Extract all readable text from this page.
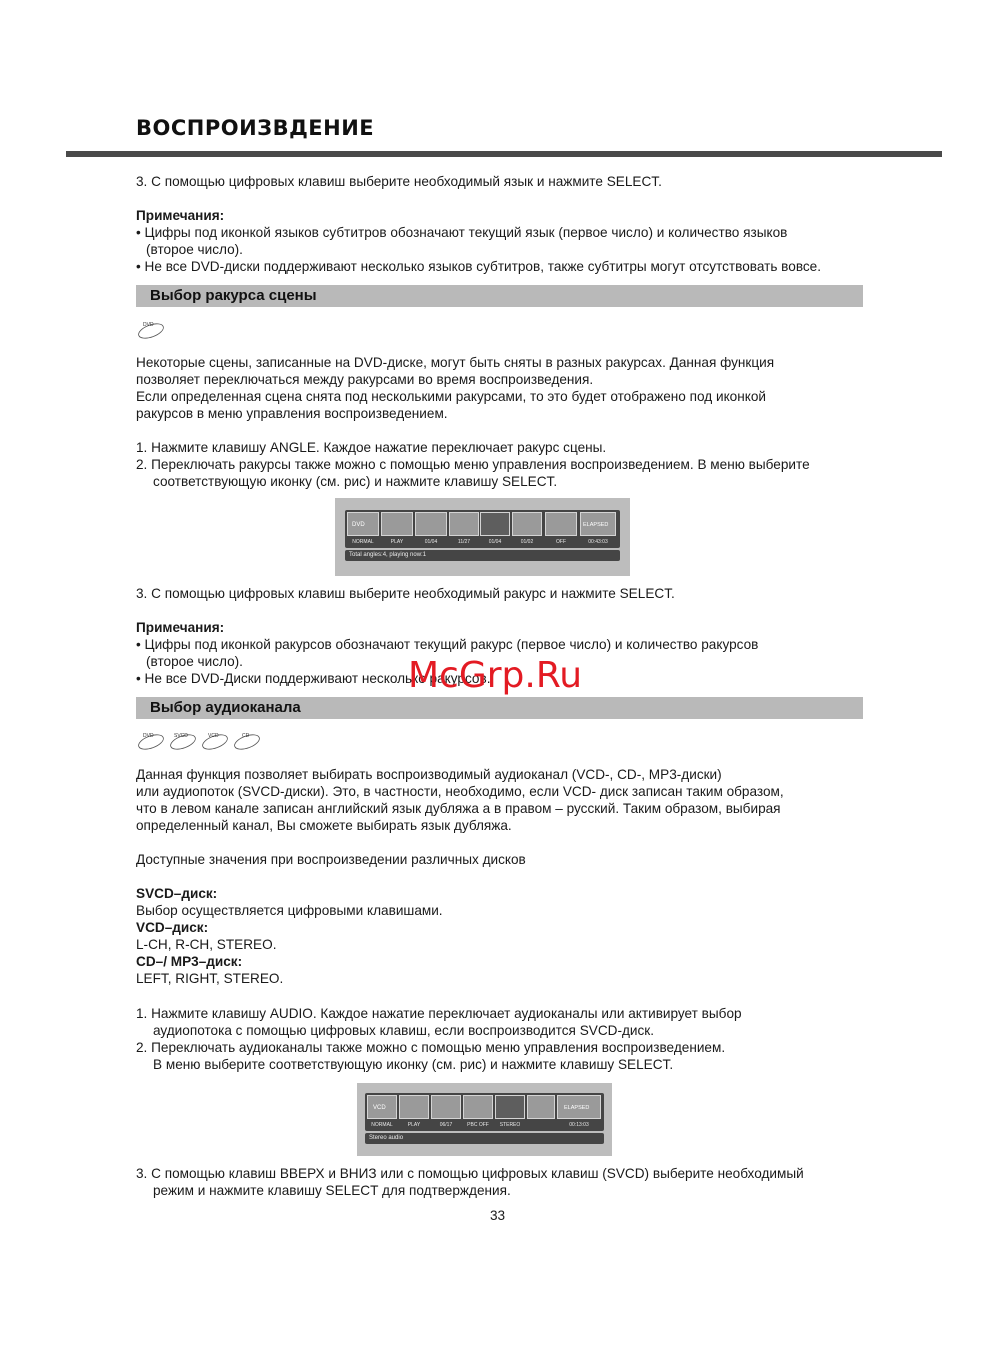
ВОСПРОИЗВДЕНИЕ
3. С помощью цифровых клавиш выберите необходимый язык и нажмите SELECT.
Примечания:
• Цифры под иконкой языков субтитров обозначают текущий язык (первое число) и количество языков
(второе число).
• Не все DVD-диски поддерживают несколько языков субтитров, также субтитры могут отсутствовать вовсе.
Выбор ракурса сцены
DVD
Некоторые сцены, записанные на DVD-диске, могут быть сняты в разных ракурсах. Данная функция
позволяет переключаться между ракурсами во время воспроизведения.
Если определенная сцена снята под несколькими ракурсами, то это будет отображено под иконкой
ракурсов в меню управления воспроизведением.
1. Нажмите клавишу ANGLE. Каждое нажатие переключает ракурс сцены.
2. Переключать ракурсы также можно с помощью меню управления воспроизведением. В меню выберите
соответствующую иконку (см. рис) и нажмите клавишу SELECT.
DVD	ELAPSED
NORMAL	PLAY	01/04	11/27	01/04	01/02	OFF	00:43:03
Total angles:4, playing now:1
3. С помощью цифровых клавиш выберите необходимый ракурс и нажмите SELECT.
Примечания:
• Цифры под иконкой ракурсов обозначают текущий ракурс (первое число) и количество ракурсов
(второе число).
• Не все DVD-Диски поддерживают несколько ракурсов.
McGrp.Ru
Выбор аудиоканала
DVD	SVCD	VCD	CD
Данная функция позволяет выбирать воспроизводимый аудиоканал (VCD-, CD-, MP3-диски)
или аудиопоток (SVCD-диски). Это, в частности, необходимо, если VCD- диск записан таким образом,
что в левом канале записан английский язык дубляжа а в правом – русский. Таким образом, выбирая
определенный канал, Вы сможете выбирать язык дубляжа.
Доступные значения при воспроизведении различных дисков
SVCD–диск:
Выбор осуществляется цифровыми клавишами.
VCD–диск:
L-CH, R-CH, STEREO.
CD–/ MP3–диск:
LEFT, RIGHT, STEREO.
1. Нажмите клавишу AUDIO. Каждое нажатие переключает аудиоканалы или активирует выбор
аудиопотока с помощью цифровых клавиш, если воспроизводится SVCD-диск.
2. Переключать аудиоканалы также можно с помощью меню управления воспроизведением.
В меню выберите соответствующую иконку (см. рис) и нажмите клавишу SELECT.
VCD	ELAPSED
NORMAL	PLAY	06/17	PBC OFF	STEREO	00:13:03
Stereo audio
3. С помощью клавиш ВВЕРХ и ВНИЗ или с помощью цифровых клавиш (SVCD) выберите необходимый
режим и нажмите клавишу SELECT для подтверждения.
33
